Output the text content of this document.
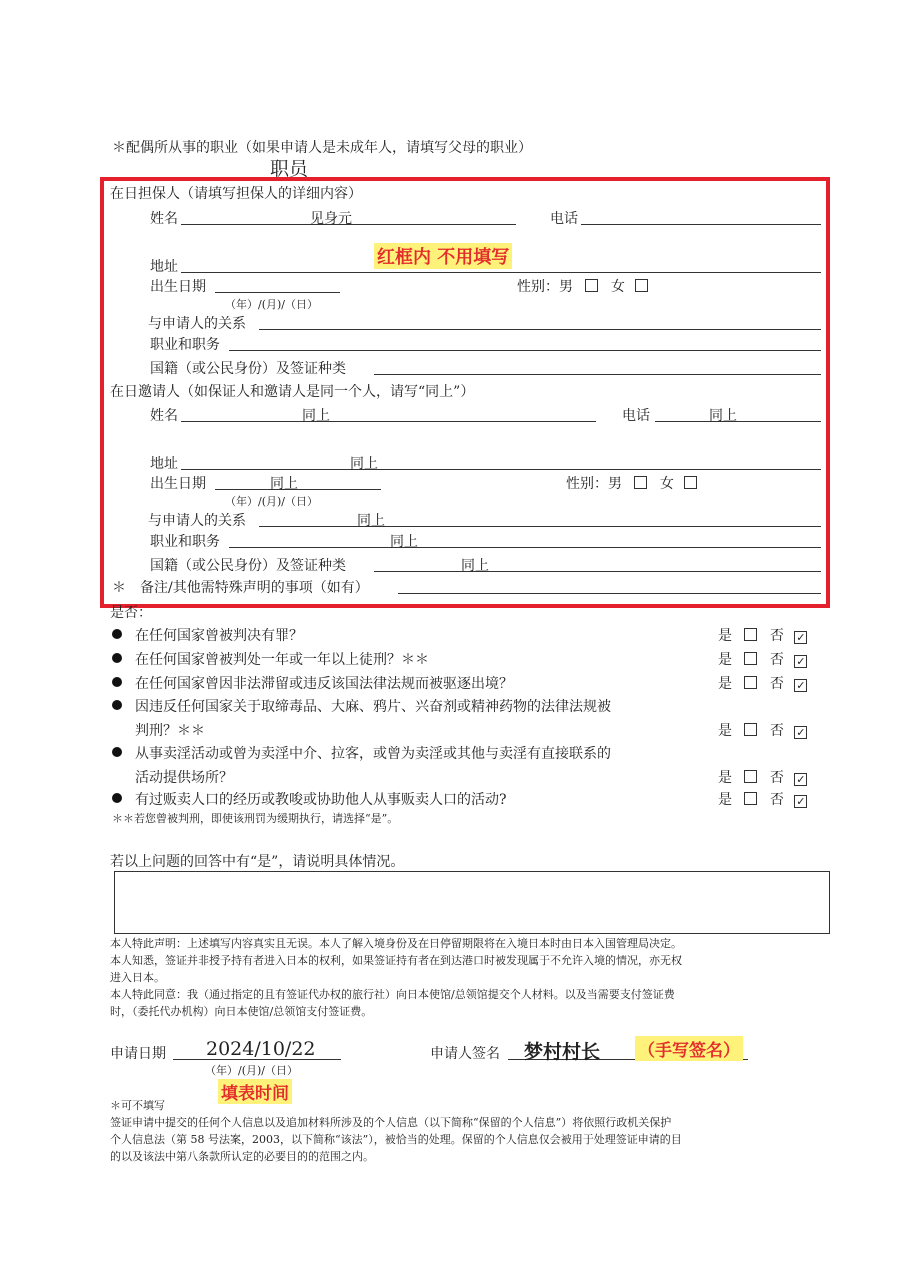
＊配偶所从事的职业（如果申请人是未成年人，请填写父母的职业）
职员
在日担保人（请填写担保人的详细内容）
姓名	见身元	电话
红框内 不用填写
地址
出生日期
（年）/(月)/（日）
性别：男	女
与申请人的关系
职业和职务
国籍（或公民身份）及签证种类
在日邀请人（如保证人和邀请人是同一个人，请写“同上”）
姓名	同上	电话	同上
地址	同上
出生日期	同上
（年）/(月)/（日）
性别：男	女
与申请人的关系	同上
职业和职务	同上
国籍（或公民身份）及签证种类	同上
＊　备注/其他需特殊声明的事项（如有）
是否：
在任何国家曾被判决有罪？	是	否 ✓
在任何国家曾被判处一年或一年以上徒刑？＊＊	是	否 ✓
在任何国家曾因非法滞留或违反该国法律法规而被驱逐出境？	是	否 ✓
因违反任何国家关于取缔毒品、大麻、鸦片、兴奋剂或精神药物的法律法规被
判刑？＊＊	是	否 ✓
从事卖淫活动或曾为卖淫中介、拉客，或曾为卖淫或其他与卖淫有直接联系的
活动提供场所？	是	否 ✓
有过贩卖人口的经历或教唆或协助他人从事贩卖人口的活动?	是	否 ✓
＊＊若您曾被判刑，即使该刑罚为缓期执行，请选择“是”。
若以上问题的回答中有“是”，请说明具体情况。
本人特此声明：上述填写内容真实且无误。本人了解入境身份及在日停留期限将在入境日本时由日本入国管理局决定。
本人知悉，签证并非授予持有者进入日本的权利，如果签证持有者在到达港口时被发现属于不允许入境的情况，亦无权
进入日本。
本人特此同意：我（通过指定的且有签证代办权的旅行社）向日本使馆/总领馆提交个人材料。以及当需要支付签证费
时，（委托代办机构）向日本使馆/总领馆支付签证费。
申请日期 2024/10/22
（年）/(月)/（日）
填表时间
申请人签名 梦村村长 （手写签名）
＊可不填写
签证申请中提交的任何个人信息以及追加材料所涉及的个人信息（以下简称“保留的个人信息”）将依照行政机关保护
个人信息法（第 58 号法案，2003，以下简称“该法”），被恰当的处理。保留的个人信息仅会被用于处理签证申请的目
的以及该法中第八条款所认定的必要目的的范围之内。
